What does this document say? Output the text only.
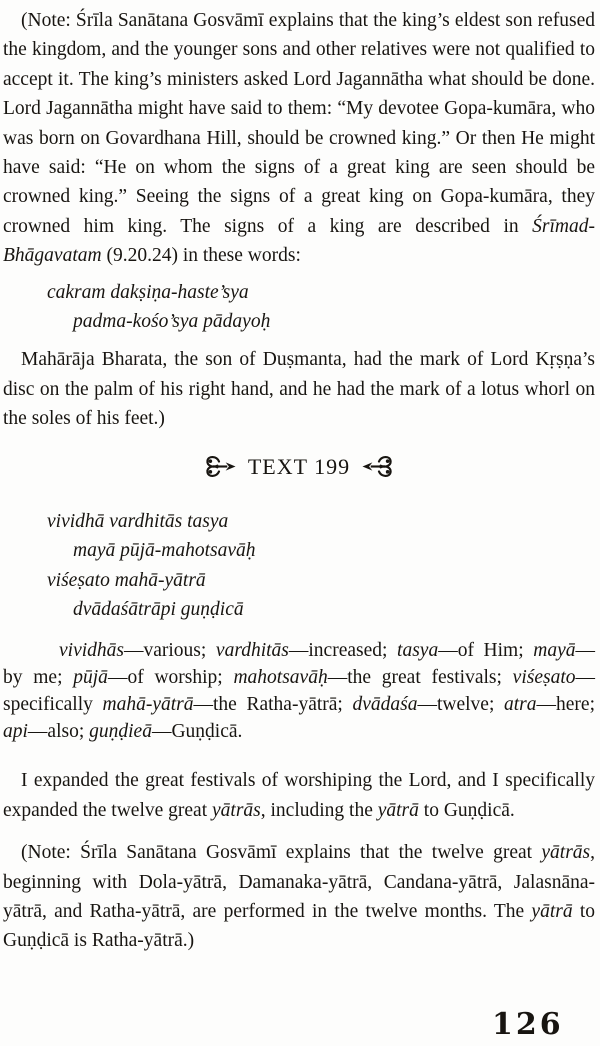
(Note: Śrīla Sanātana Gosvāmī explains that the king’s eldest son refused the kingdom, and the younger sons and other relatives were not qualified to accept it. The king’s ministers asked Lord Jagannātha what should be done. Lord Jagannātha might have said to them: “My devotee Gopa-kumāra, who was born on Govardhana Hill, should be crowned king.” Or then He might have said: “He on whom the signs of a great king are seen should be crowned king.” Seeing the signs of a great king on Gopa-kumāra, they crowned him king. The signs of a king are described in Śrīmad-Bhāgavatam (9.20.24) in these words:

cakram dakṣiṇa-haste’sya
padma-kośo’sya pādayoḥ

Mahārāja Bharata, the son of Duṣmanta, had the mark of Lord Kṛṣṇa’s disc on the palm of his right hand, and he had the mark of a lotus whorl on the soles of his feet.)

TEXT 199
vividhā vardhitās tasya
mayā pūjā-mahotsavāḥ
viśeṣato mahā-yātrā
dvādaśātrāpi guṇḍicā

vividhās—various; vardhitās—increased; tasya—of Him; mayā—by me; pūjā—of worship; mahotsavāḥ—the great festivals; viśeṣato—specifically mahā-yātrā—the Ratha-yātrā; dvādaśa—twelve; atra—here; api—also; guṇḍieā—Guṇḍicā.

I expanded the great festivals of worshiping the Lord, and I specifically expanded the twelve great yātrās, including the yātrā to Guṇḍicā.

(Note: Śrīla Sanātana Gosvāmī explains that the twelve great yātrās, beginning with Dola-yātrā, Damanaka-yātrā, Candana-yātrā, Jalasnāna-yātrā, and Ratha-yātrā, are performed in the twelve months. The yātrā to Guṇḍicā is Ratha-yātrā.)

126
